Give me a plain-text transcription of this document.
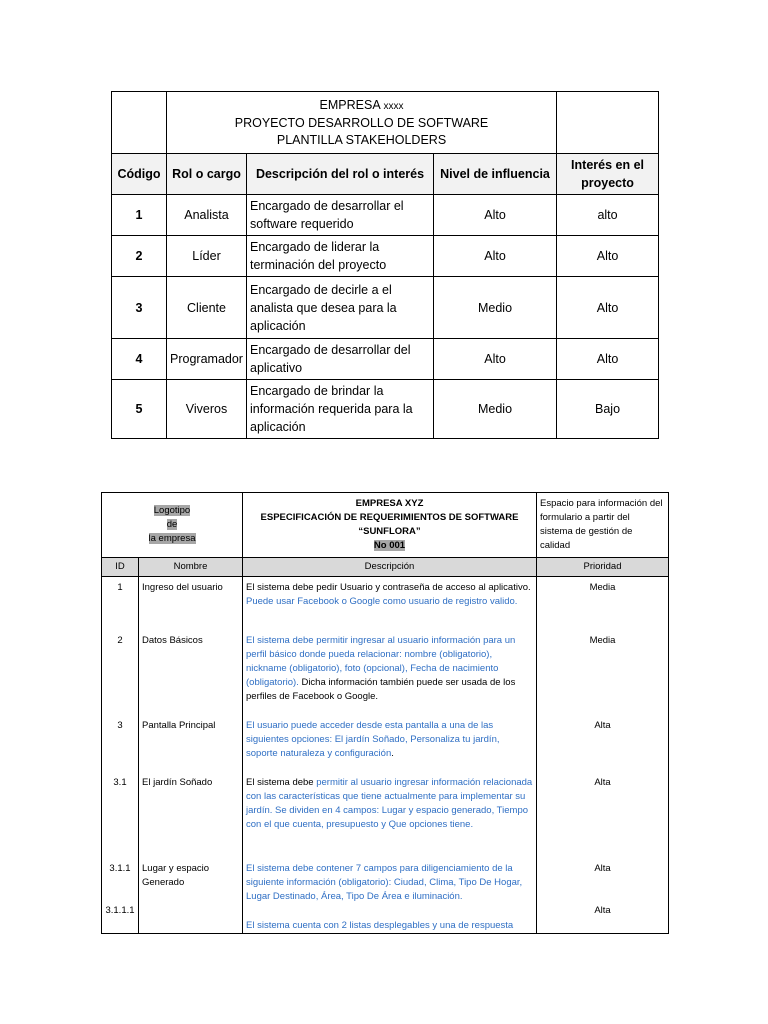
	EMPRESA xxxx
PROYECTO DESARROLLO DE SOFTWARE
PLANTILLA STAKEHOLDERS			

Código	Rol o cargo	Descripción del rol o interés	Nivel de influencia	Interés en el proyecto
1	Analista	Encargado de desarrollar el software requerido	Alto	alto
2	Líder	Encargado de liderar la terminación del proyecto	Alto	Alto
3	Cliente	Encargado de decirle a el analista que desea para la aplicación	Medio	Alto
4	Programador	Encargado de desarrollar del aplicativo	Alto	Alto
5	Viveros	Encargado de brindar la información requerida para la aplicación	Medio	Bajo
Logotipo
de
la empresa		EMPRESA XYZ
ESPECIFICACIÓN DE REQUERIMIENTOS DE SOFTWARE
“SUNFLORA”
No 001	Espacio para información del formulario a partir del sistema de gestión de calidad
ID	Nombre	Descripción	Prioridad
1	Ingreso del usuario	El sistema debe pedir Usuario y contraseña de acceso al aplicativo. Puede usar Facebook o Google como usuario de registro valido.	Media
2	Datos Básicos	El sistema debe permitir ingresar al usuario información para un perfil básico donde pueda relacionar: nombre (obligatorio), nickname (obligatorio), foto (opcional), Fecha de nacimiento (obligatorio). Dicha información también puede ser usada de los perfiles de Facebook o Google.	Media
3	Pantalla Principal	El usuario puede acceder desde esta pantalla a una de las siguientes opciones: El jardín Soñado, Personaliza tu jardín, soporte naturaleza y configuración.	Alta
3.1	El jardín Soñado	El sistema debe permitir al usuario ingresar información relacionada con las características que tiene actualmente para implementar su jardín. Se dividen en 4 campos: Lugar y espacio generado, Tiempo con el que cuenta, presupuesto y Que opciones tiene.	Alta
3.1.1	Lugar y espacio Generado	El sistema debe contener 7 campos para diligenciamiento de la siguiente información (obligatorio): Ciudad, Clima, Tipo De Hogar, Lugar Destinado, Área, Tipo De Área e iluminación.	Alta
3.1.1.1		El sistema cuenta con 2 listas desplegables y una de respuesta	Alta
